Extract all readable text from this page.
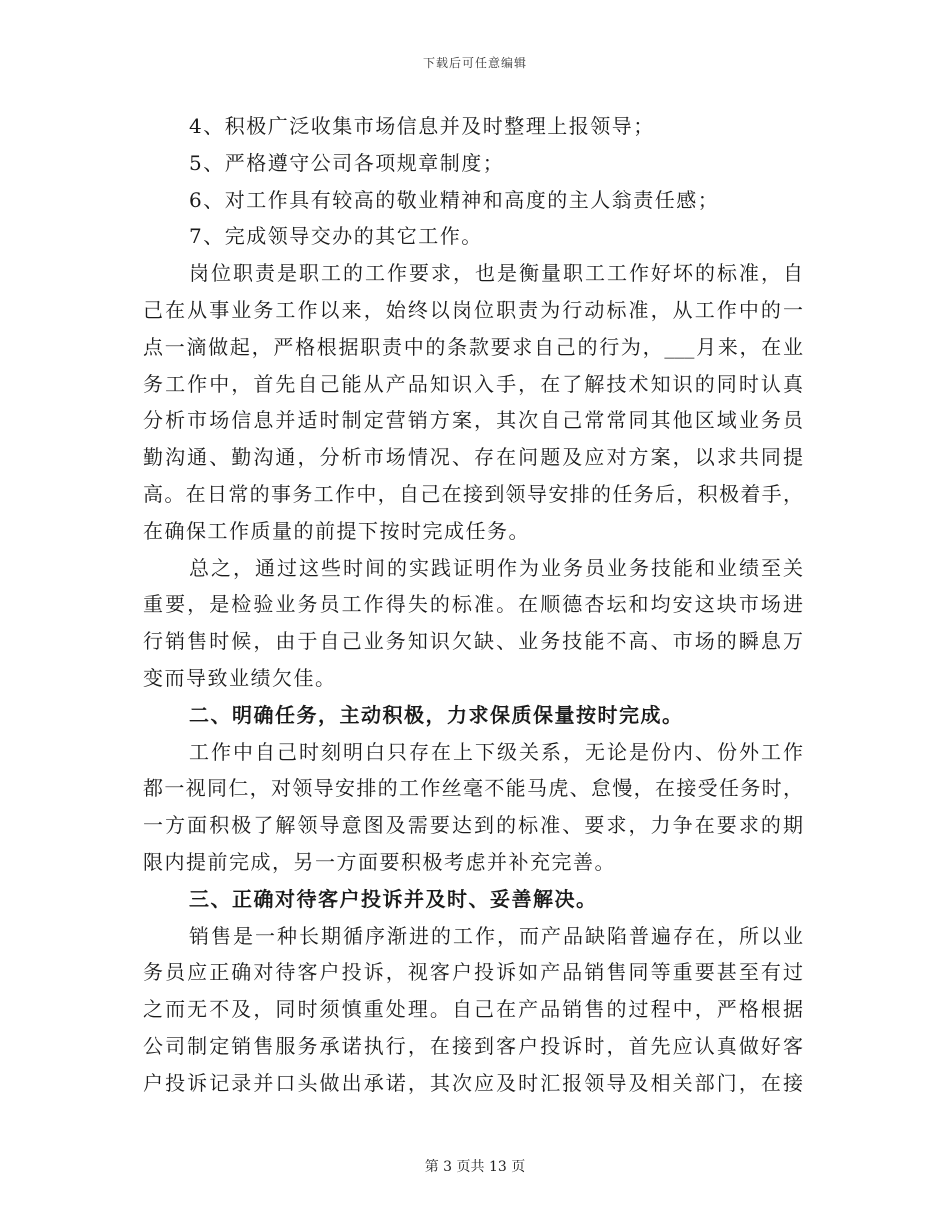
下载后可任意编辑
4、积极广泛收集市场信息并及时整理上报领导；
5、严格遵守公司各项规章制度；
6、对工作具有较高的敬业精神和高度的主人翁责任感；
7、完成领导交办的其它工作。
岗位职责是职工的工作要求，也是衡量职工工作好坏的标准，自
己在从事业务工作以来，始终以岗位职责为行动标准，从工作中的一
点一滴做起，严格根据职责中的条款要求自己的行为，___月来，在业
务工作中，首先自己能从产品知识入手，在了解技术知识的同时认真
分析市场信息并适时制定营销方案，其次自己常常同其他区域业务员
勤沟通、勤沟通，分析市场情况、存在问题及应对方案，以求共同提
高。在日常的事务工作中，自己在接到领导安排的任务后，积极着手，
在确保工作质量的前提下按时完成任务。
总之，通过这些时间的实践证明作为业务员业务技能和业绩至关
重要，是检验业务员工作得失的标准。在顺德杏坛和均安这块市场进
行销售时候，由于自己业务知识欠缺、业务技能不高、市场的瞬息万
变而导致业绩欠佳。
二、明确任务，主动积极，力求保质保量按时完成。
工作中自己时刻明白只存在上下级关系，无论是份内、份外工作
都一视同仁，对领导安排的工作丝毫不能马虎、怠慢，在接受任务时，
一方面积极了解领导意图及需要达到的标准、要求，力争在要求的期
限内提前完成，另一方面要积极考虑并补充完善。
三、正确对待客户投诉并及时、妥善解决。
销售是一种长期循序渐进的工作，而产品缺陷普遍存在，所以业
务员应正确对待客户投诉，视客户投诉如产品销售同等重要甚至有过
之而无不及，同时须慎重处理。自己在产品销售的过程中，严格根据
公司制定销售服务承诺执行，在接到客户投诉时，首先应认真做好客
户投诉记录并口头做出承诺，其次应及时汇报领导及相关部门，在接
第 3 页共 13 页
